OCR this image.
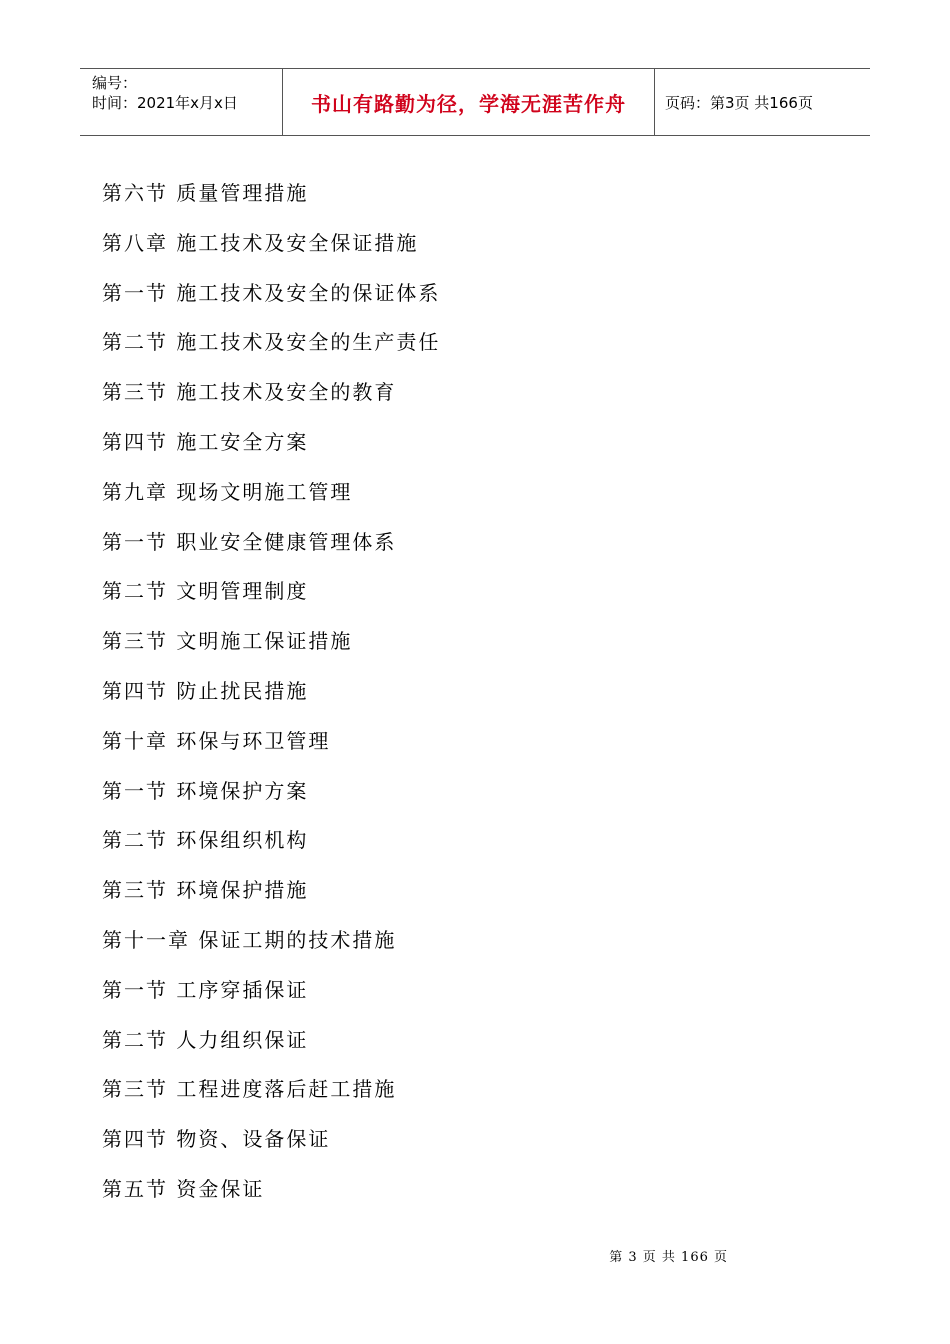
编号：
时间：2021年x月x日	书山有路勤为径，学海无涯苦作舟	页码：第3页 共166页
第六节 质量管理措施
第八章 施工技术及安全保证措施
第一节 施工技术及安全的保证体系
第二节 施工技术及安全的生产责任
第三节 施工技术及安全的教育
第四节 施工安全方案
第九章 现场文明施工管理
第一节 职业安全健康管理体系
第二节 文明管理制度
第三节 文明施工保证措施
第四节 防止扰民措施
第十章 环保与环卫管理
第一节 环境保护方案
第二节 环保组织机构
第三节 环境保护措施
第十一章 保证工期的技术措施
第一节 工序穿插保证
第二节 人力组织保证
第三节 工程进度落后赶工措施
第四节 物资、设备保证
第五节 资金保证
第 3 页 共 166 页
